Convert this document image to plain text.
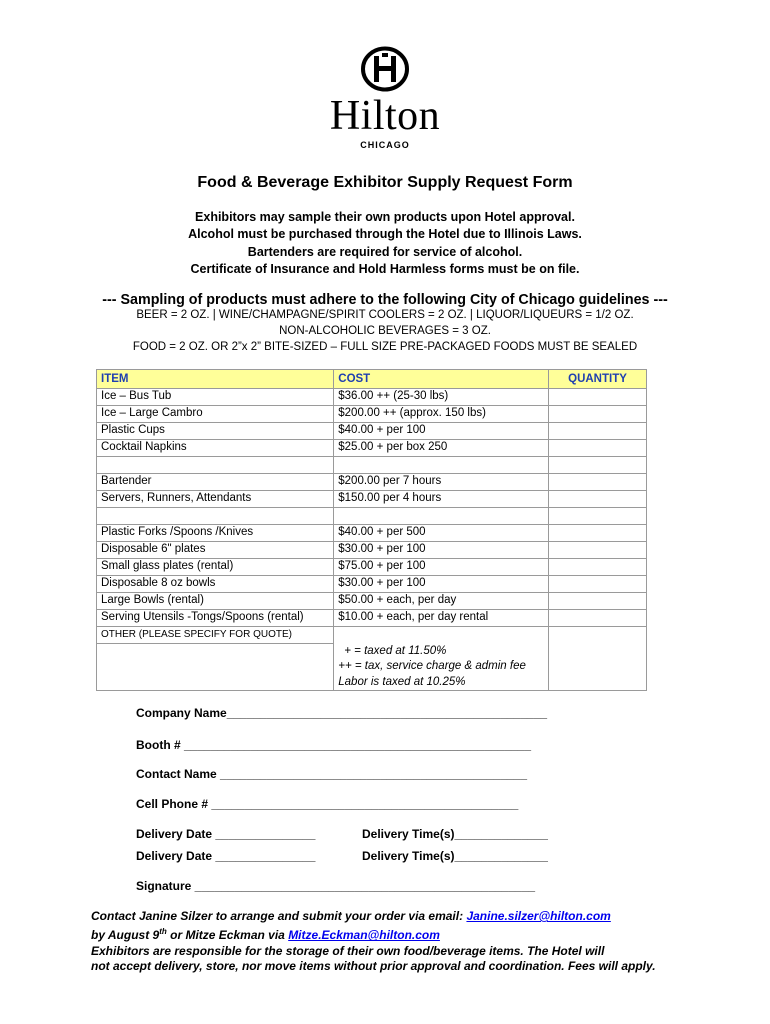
Hilton
CHICAGO
Food & Beverage Exhibitor Supply Request Form
Exhibitors may sample their own products upon Hotel approval.
Alcohol must be purchased through the Hotel due to Illinois Laws.
Bartenders are required for service of alcohol.
Certificate of Insurance and Hold Harmless forms must be on file.
--- Sampling of products must adhere to the following City of Chicago guidelines ---
BEER = 2 OZ. | WINE/CHAMPAGNE/SPIRIT COOLERS = 2 OZ. | LIQUOR/LIQUEURS = 1/2 OZ.
NON-ALCOHOLIC BEVERAGES = 3 OZ.
FOOD = 2 OZ. OR 2”x 2” BITE-SIZED – FULL SIZE PRE-PACKAGED FOODS MUST BE SEALED
ITEM	COST	QUANTITY
Ice – Bus Tub	$36.00 ++ (25-30 lbs)	
Ice – Large Cambro	$200.00 ++ (approx. 150 lbs)	
Plastic Cups	$40.00 + per 100	
Cocktail Napkins	$25.00 + per box 250	

Bartender	$200.00 per 7 hours	
Servers, Runners, Attendants	$150.00 per 4 hours	

Plastic Forks /Spoons /Knives	$40.00 + per 500	
Disposable 6" plates	$30.00 + per 100	
Small glass plates (rental)	$75.00 + per 100	
Disposable 8 oz bowls	$30.00 + per 100	
Large Bowls (rental)	$50.00 + each, per day	
Serving Utensils -Tongs/Spoons (rental)	$10.00 + each, per day rental	
OTHER (PLEASE SPECIFY FOR QUOTE)		

	+ = taxed at 11.50%
++ = tax, service charge & admin fee
Labor is taxed at 10.25%	

Company Name________________________________________________
Booth # ____________________________________________________
Contact Name ______________________________________________
Cell Phone # ______________________________________________
Delivery Date _______________	Delivery Time(s)______________
Delivery Date _______________	Delivery Time(s)______________
Signature ___________________________________________________
Contact Janine Silzer to arrange and submit your order via email: Janine.silzer@hilton.com
by August 9th or Mitze Eckman via Mitze.Eckman@hilton.com
Exhibitors are responsible for the storage of their own food/beverage items. The Hotel will
not accept delivery, store, nor move items without prior approval and coordination. Fees will apply.
